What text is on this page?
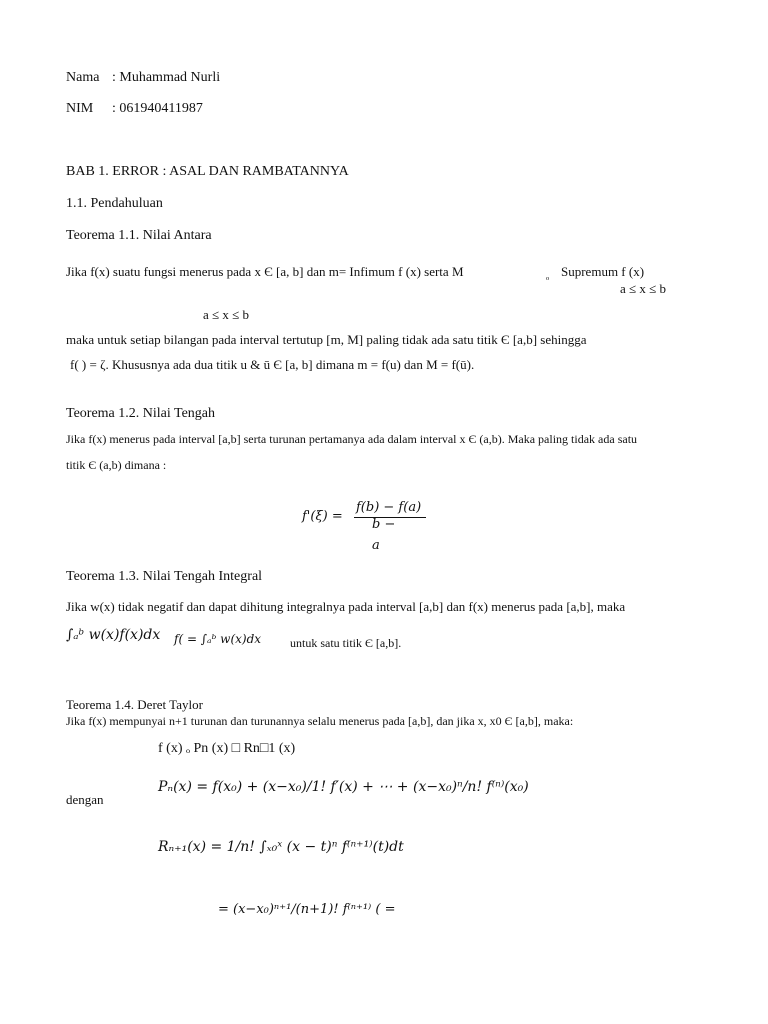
Nama : Muhammad Nurli
NIM : 061940411987
BAB 1. ERROR : ASAL DAN RAMBATANNYA
1.1. Pendahuluan
Teorema 1.1. Nilai Antara
Jika f(x) suatu fungsi menerus pada x Є [a, b] dan m= Infimum f (x) serta M	ₒ Supremum f (x)
a ≤ x ≤ b
a ≤ x ≤ b
maka untuk setiap bilangan pada interval tertutup [m, M] paling tidak ada satu titik Є [a,b] sehingga
f( ) = ζ. Khususnya ada dua titik u & ū Є [a, b] dimana m = f(u) dan M = f(ū).
Teorema 1.2. Nilai Tengah
Jika f(x) menerus pada interval [a,b] serta turunan pertamanya ada dalam interval x Є (a,b). Maka paling tidak ada satu
titik Є (a,b) dimana :
f'(ξ) =
f(b) − f(a)
b −
a
Teorema 1.3. Nilai Tengah Integral
Jika w(x) tidak negatif dan dapat dihitung integralnya pada interval [a,b] dan f(x) menerus pada [a,b], maka
∫ₐᵇ w(x)f(x)dx f( = ∫ₐᵇ w(x)dx untuk satu titik Є [a,b].
Teorema 1.4. Deret Taylor
Jika f(x) mempunyai n+1 turunan dan turunannya selalu menerus pada [a,b], dan jika x, x0 Є [a,b], maka:
f (x) ₒ Pn (x) □ Rn□1 (x)
dengan
Pₙ(x) = f(x₀) + (x−x₀)/1! f′(x) + ⋯ + (x−x₀)ⁿ/n! f⁽ⁿ⁾(x₀)
Rₙ₊₁(x) = 1/n! ∫ₓ₀ˣ (x − t)ⁿ f⁽ⁿ⁺¹⁾(t)dt
= (x−x₀)ⁿ⁺¹/(n+1)! f⁽ⁿ⁺¹⁾ ( =
